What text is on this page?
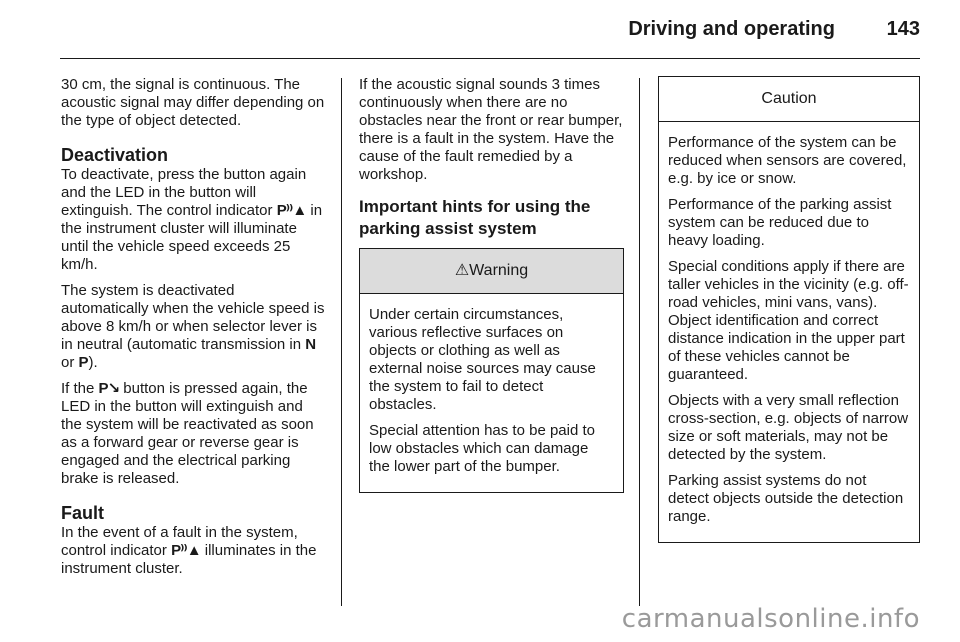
Driving and operating	143

30 cm, the signal is continuous. The acoustic signal may differ depending on the type of object detected.

Deactivation

To deactivate, press the button again and the LED in the button will extinguish. The control indicator P⁾⁾▲ in the instrument cluster will illuminate until the vehicle speed exceeds 25 km/h.

The system is deactivated automatically when the vehicle speed is above 8 km/h or when selector lever is in neutral (automatic transmission in N or P).

If the P↘ button is pressed again, the LED in the button will extinguish and the system will be reactivated as soon as a forward gear or reverse gear is engaged and the electrical parking brake is released.

Fault

In the event of a fault in the system, control indicator P⁾⁾▲ illuminates in the instrument cluster.

If the acoustic signal sounds 3 times continuously when there are no obstacles near the front or rear bumper, there is a fault in the system. Have the cause of the fault remedied by a workshop.

Important hints for using the parking assist system
⚠Warning

Under certain circumstances, various reflective surfaces on objects or clothing as well as external noise sources may cause the system to fail to detect obstacles.

Special attention has to be paid to low obstacles which can damage the lower part of the bumper.

Caution

Performance of the system can be reduced when sensors are covered, e.g. by ice or snow.

Performance of the parking assist system can be reduced due to heavy loading.

Special conditions apply if there are taller vehicles in the vicinity (e.g. off-road vehicles, mini vans, vans). Object identification and correct distance indication in the upper part of these vehicles cannot be guaranteed.

Objects with a very small reflection cross-section, e.g. objects of narrow size or soft materials, may not be detected by the system.

Parking assist systems do not detect objects outside the detection range.

carmanualsonline.info
